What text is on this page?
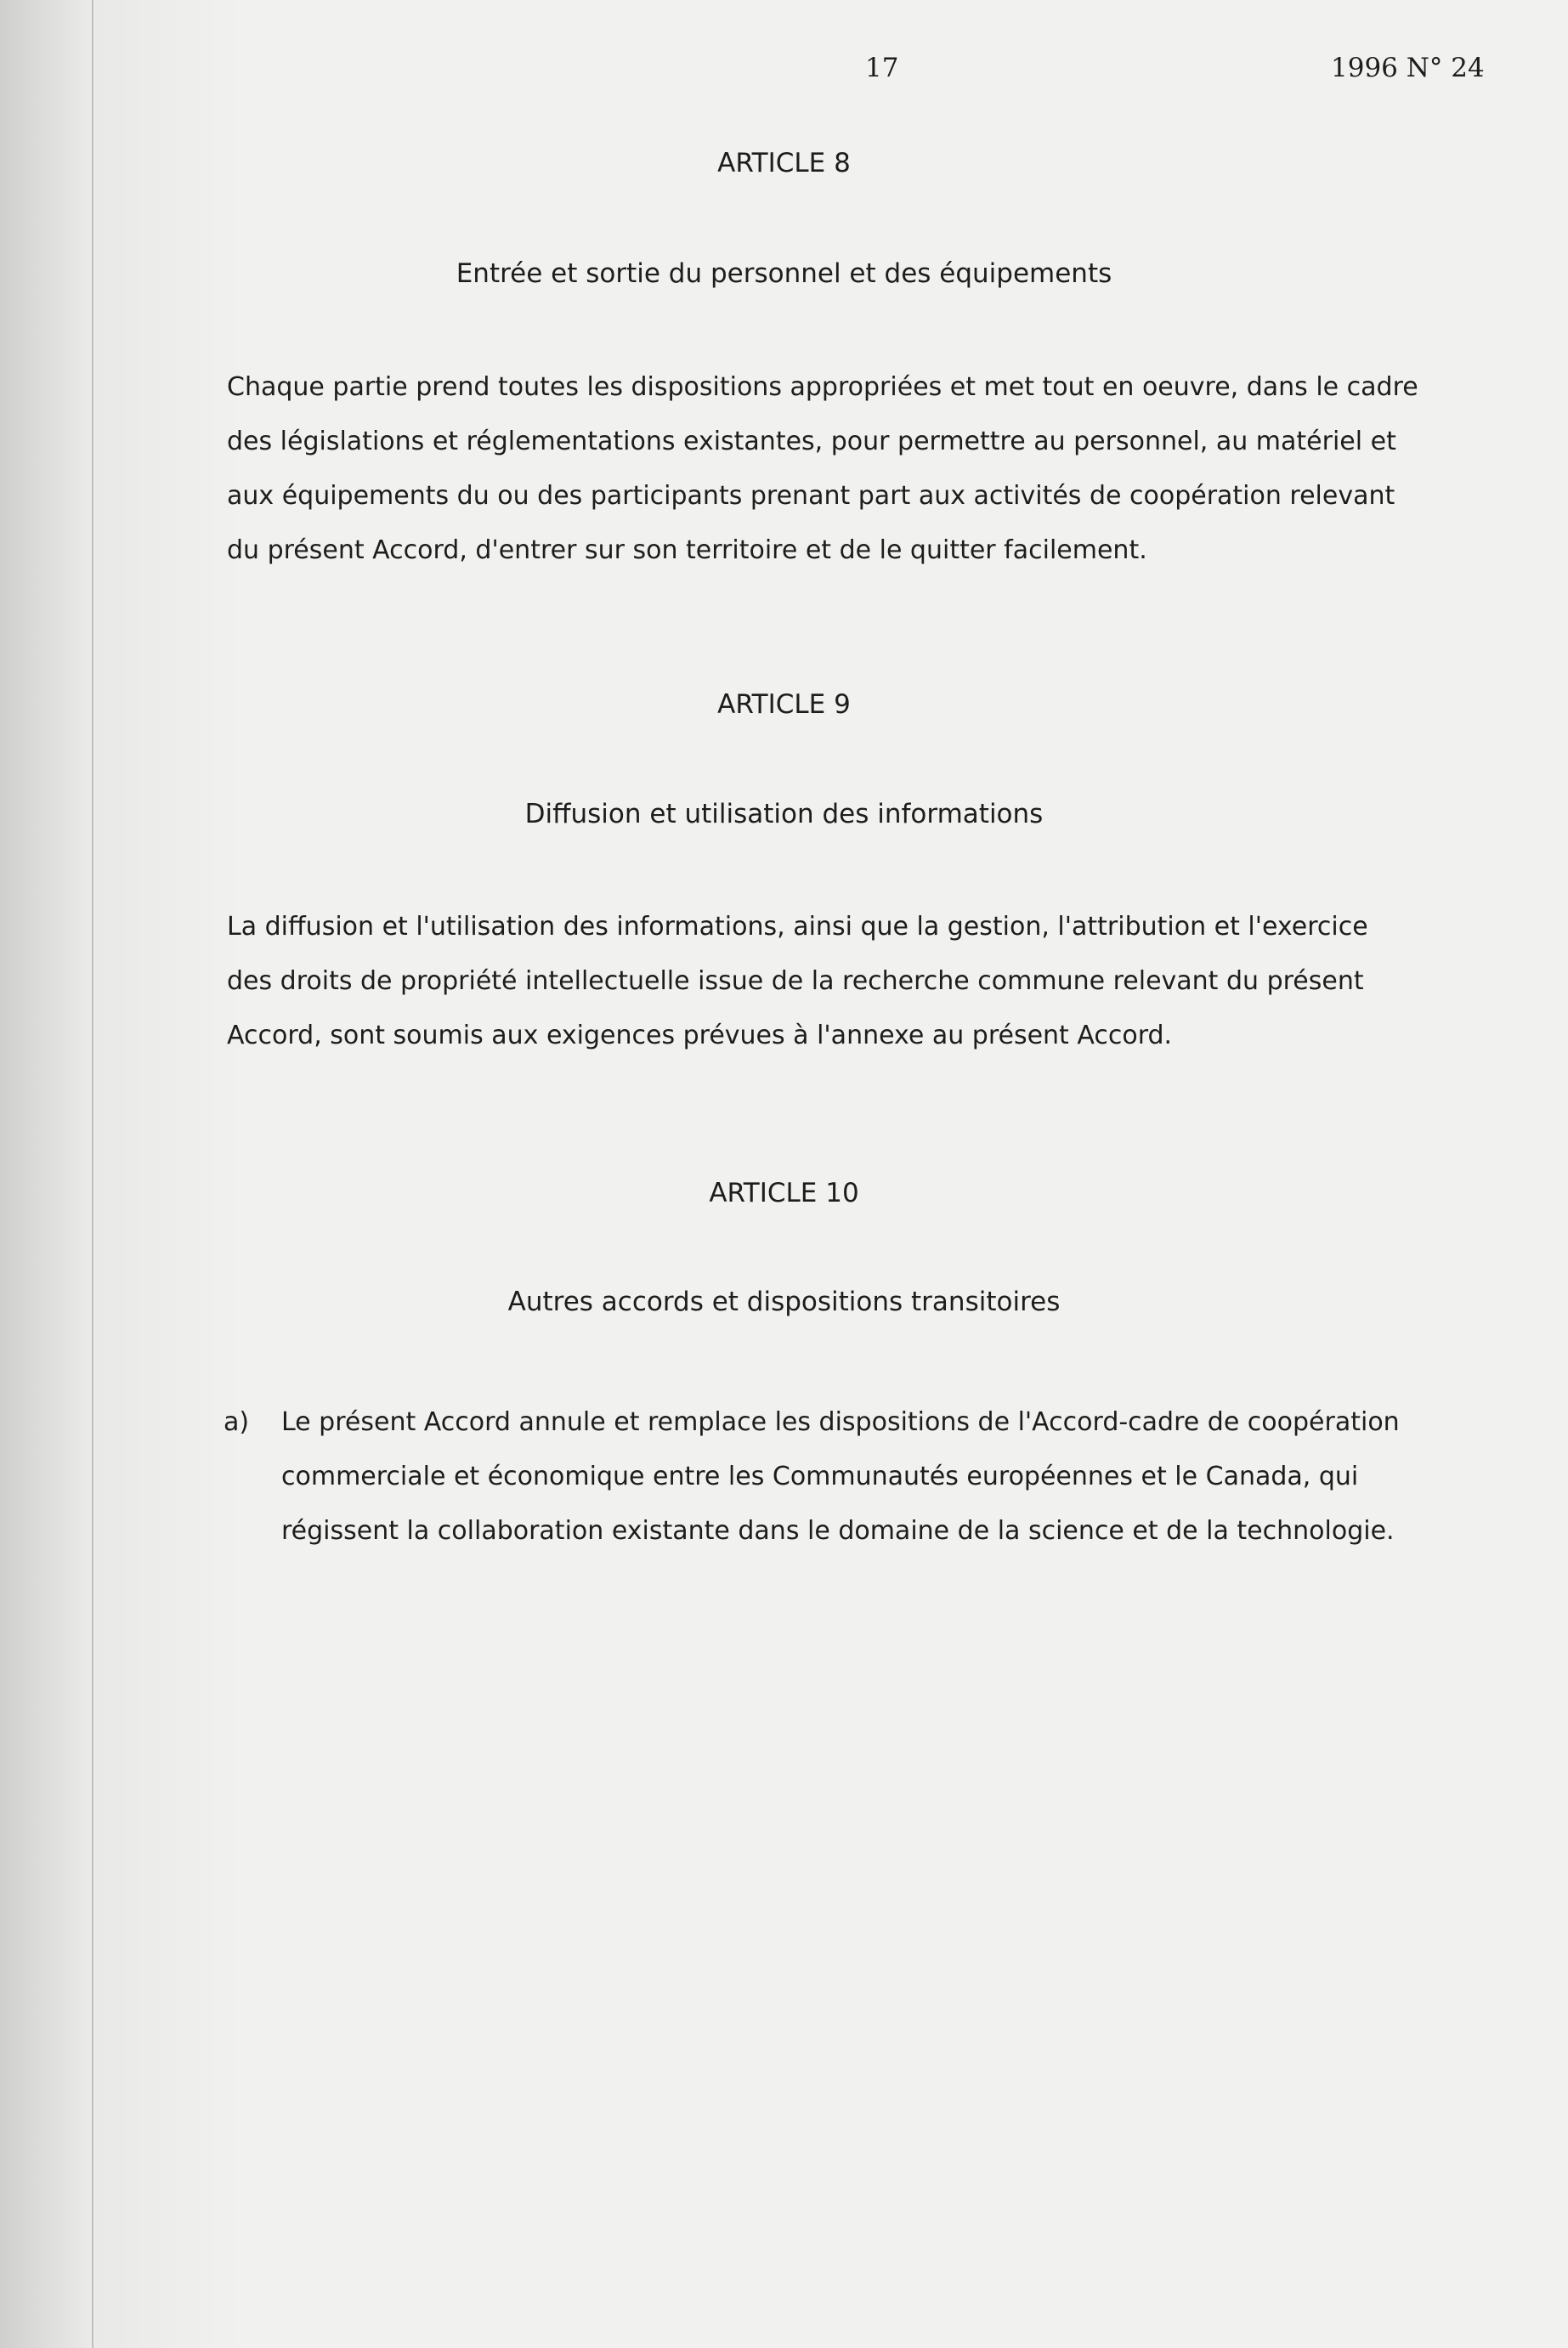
17	1996 N° 24
ARTICLE 8
Entrée et sortie du personnel et des équipements

Chaque partie prend toutes les dispositions appropriées et met tout en oeuvre, dans le cadre
des législations et réglementations existantes, pour permettre au personnel, au matériel et
aux équipements du ou des participants prenant part aux activités de coopération relevant
du présent Accord, d'entrer sur son territoire et de le quitter facilement.

ARTICLE 9
Diffusion et utilisation des informations

La diffusion et l'utilisation des informations, ainsi que la gestion, l'attribution et l'exercice
des droits de propriété intellectuelle issue de la recherche commune relevant du présent
Accord, sont soumis aux exigences prévues à l'annexe au présent Accord.

ARTICLE 10
Autres accords et dispositions transitoires
a) Le présent Accord annule et remplace les dispositions de l'Accord-cadre de coopération
commerciale et économique entre les Communautés européennes et le Canada, qui
régissent la collaboration existante dans le domaine de la science et de la technologie.
